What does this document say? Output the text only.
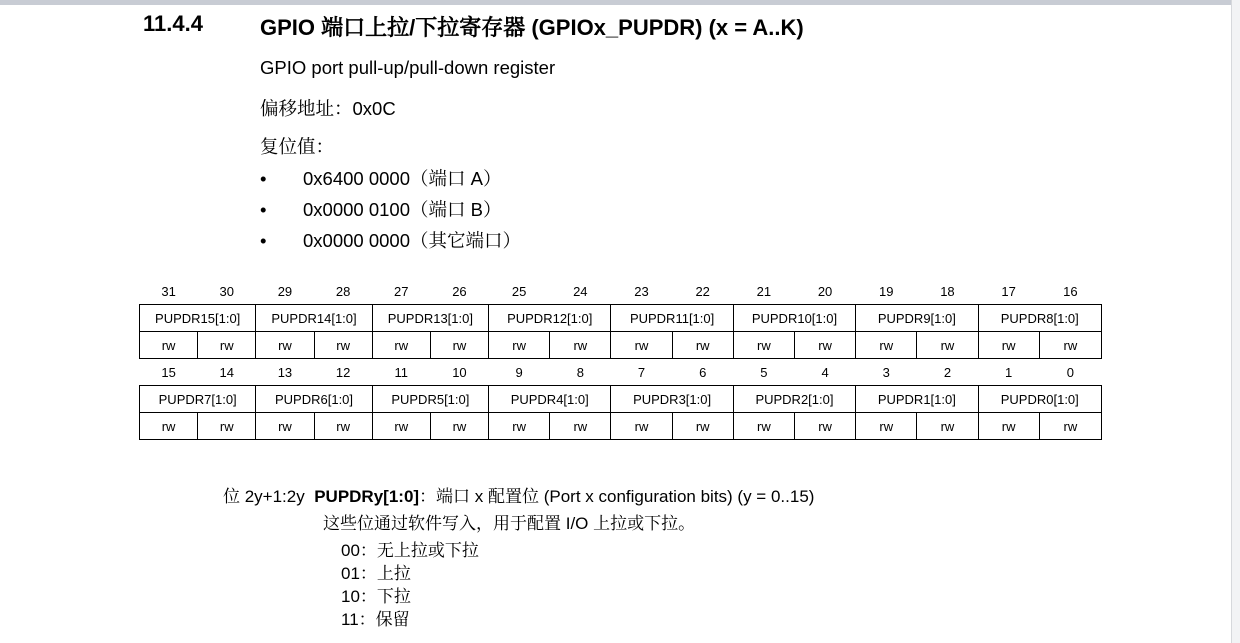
11.4.4	GPIO 端口上拉/下拉寄存器 (GPIOx_PUPDR) (x = A..K)
GPIO port pull-up/pull-down register
偏移地址：0x0C
复位值：
• 0x6400 0000（端口 A）
• 0x0000 0100（端口 B）
• 0x0000 0000（其它端口）
31	30	29	28	27	26	25	24	23	22	21	20	19	18	17	16
PUPDR15[1:0]		PUPDR14[1:0]		PUPDR13[1:0]		PUPDR12[1:0]		PUPDR11[1:0]		PUPDR10[1:0]		PUPDR9[1:0]		PUPDR8[1:0]	
rw	rw	rw	rw	rw	rw	rw	rw	rw	rw	rw	rw	rw	rw	rw	rw
15	14	13	12	11	10	9	8	7	6	5	4	3	2	1	0
PUPDR7[1:0]		PUPDR6[1:0]		PUPDR5[1:0]		PUPDR4[1:0]		PUPDR3[1:0]		PUPDR2[1:0]		PUPDR1[1:0]		PUPDR0[1:0]	
rw	rw	rw	rw	rw	rw	rw	rw	rw	rw	rw	rw	rw	rw	rw	rw
位 2y+1:2y PUPDRy[1:0]：端口 x 配置位 (Port x configuration bits) (y = 0..15)
这些位通过软件写入，用于配置 I/O 上拉或下拉。
00：无上拉或下拉
01：上拉
10：下拉
11：保留
